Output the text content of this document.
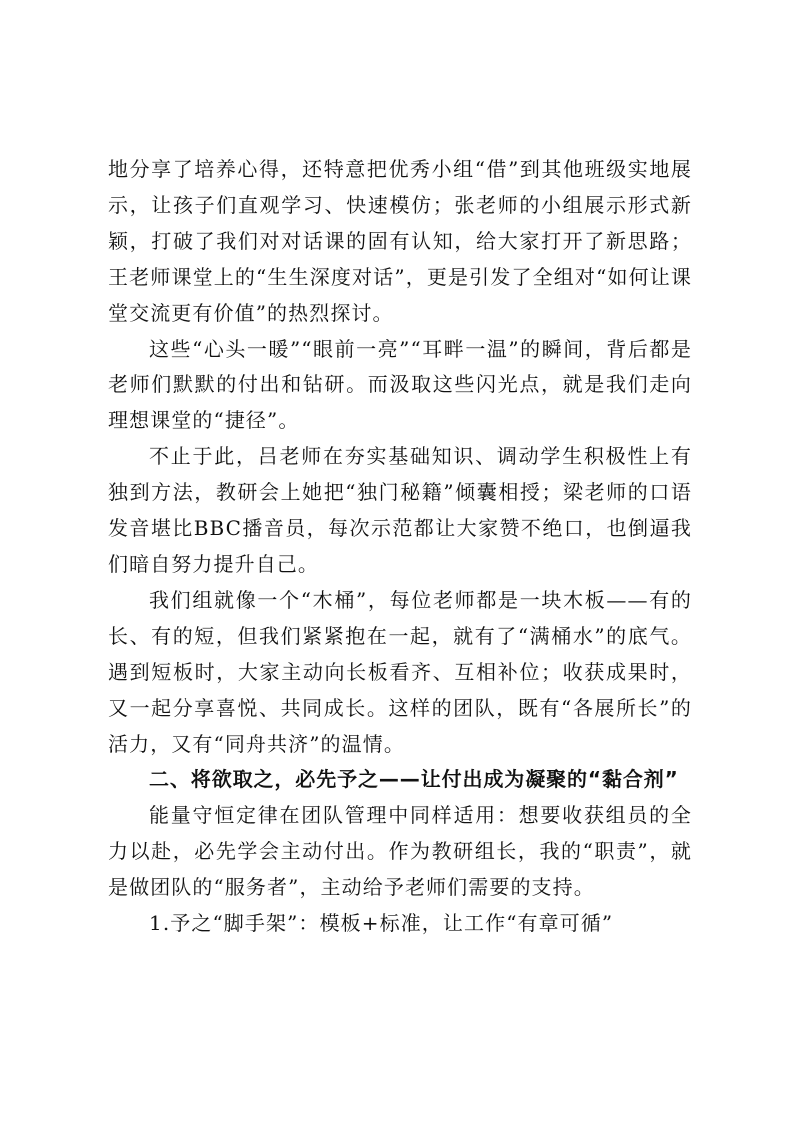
地分享了培养心得，还特意把优秀小组“借”到其他班级实地展示，让孩子们直观学习、快速模仿；张老师的小组展示形式新颖，打破了我们对对话课的固有认知，给大家打开了新思路；王老师课堂上的“生生深度对话”，更是引发了全组对“如何让课堂交流更有价值”的热烈探讨。

这些“心头一暖”“眼前一亮”“耳畔一温”的瞬间，背后都是老师们默默的付出和钻研。而汲取这些闪光点，就是我们走向理想课堂的“捷径”。

不止于此，吕老师在夯实基础知识、调动学生积极性上有独到方法，教研会上她把“独门秘籍”倾囊相授；梁老师的口语发音堪比BBC播音员，每次示范都让大家赞不绝口，也倒逼我们暗自努力提升自己。

我们组就像一个“木桶”，每位老师都是一块木板——有的长、有的短，但我们紧紧抱在一起，就有了“满桶水”的底气。遇到短板时，大家主动向长板看齐、互相补位；收获成果时，又一起分享喜悦、共同成长。这样的团队，既有“各展所长”的活力，又有“同舟共济”的温情。

二、将欲取之，必先予之——让付出成为凝聚的“黏合剂”

能量守恒定律在团队管理中同样适用：想要收获组员的全力以赴，必先学会主动付出。作为教研组长，我的“职责”，就是做团队的“服务者”，主动给予老师们需要的支持。

1.予之“脚手架”：模板+标准，让工作“有章可循”
